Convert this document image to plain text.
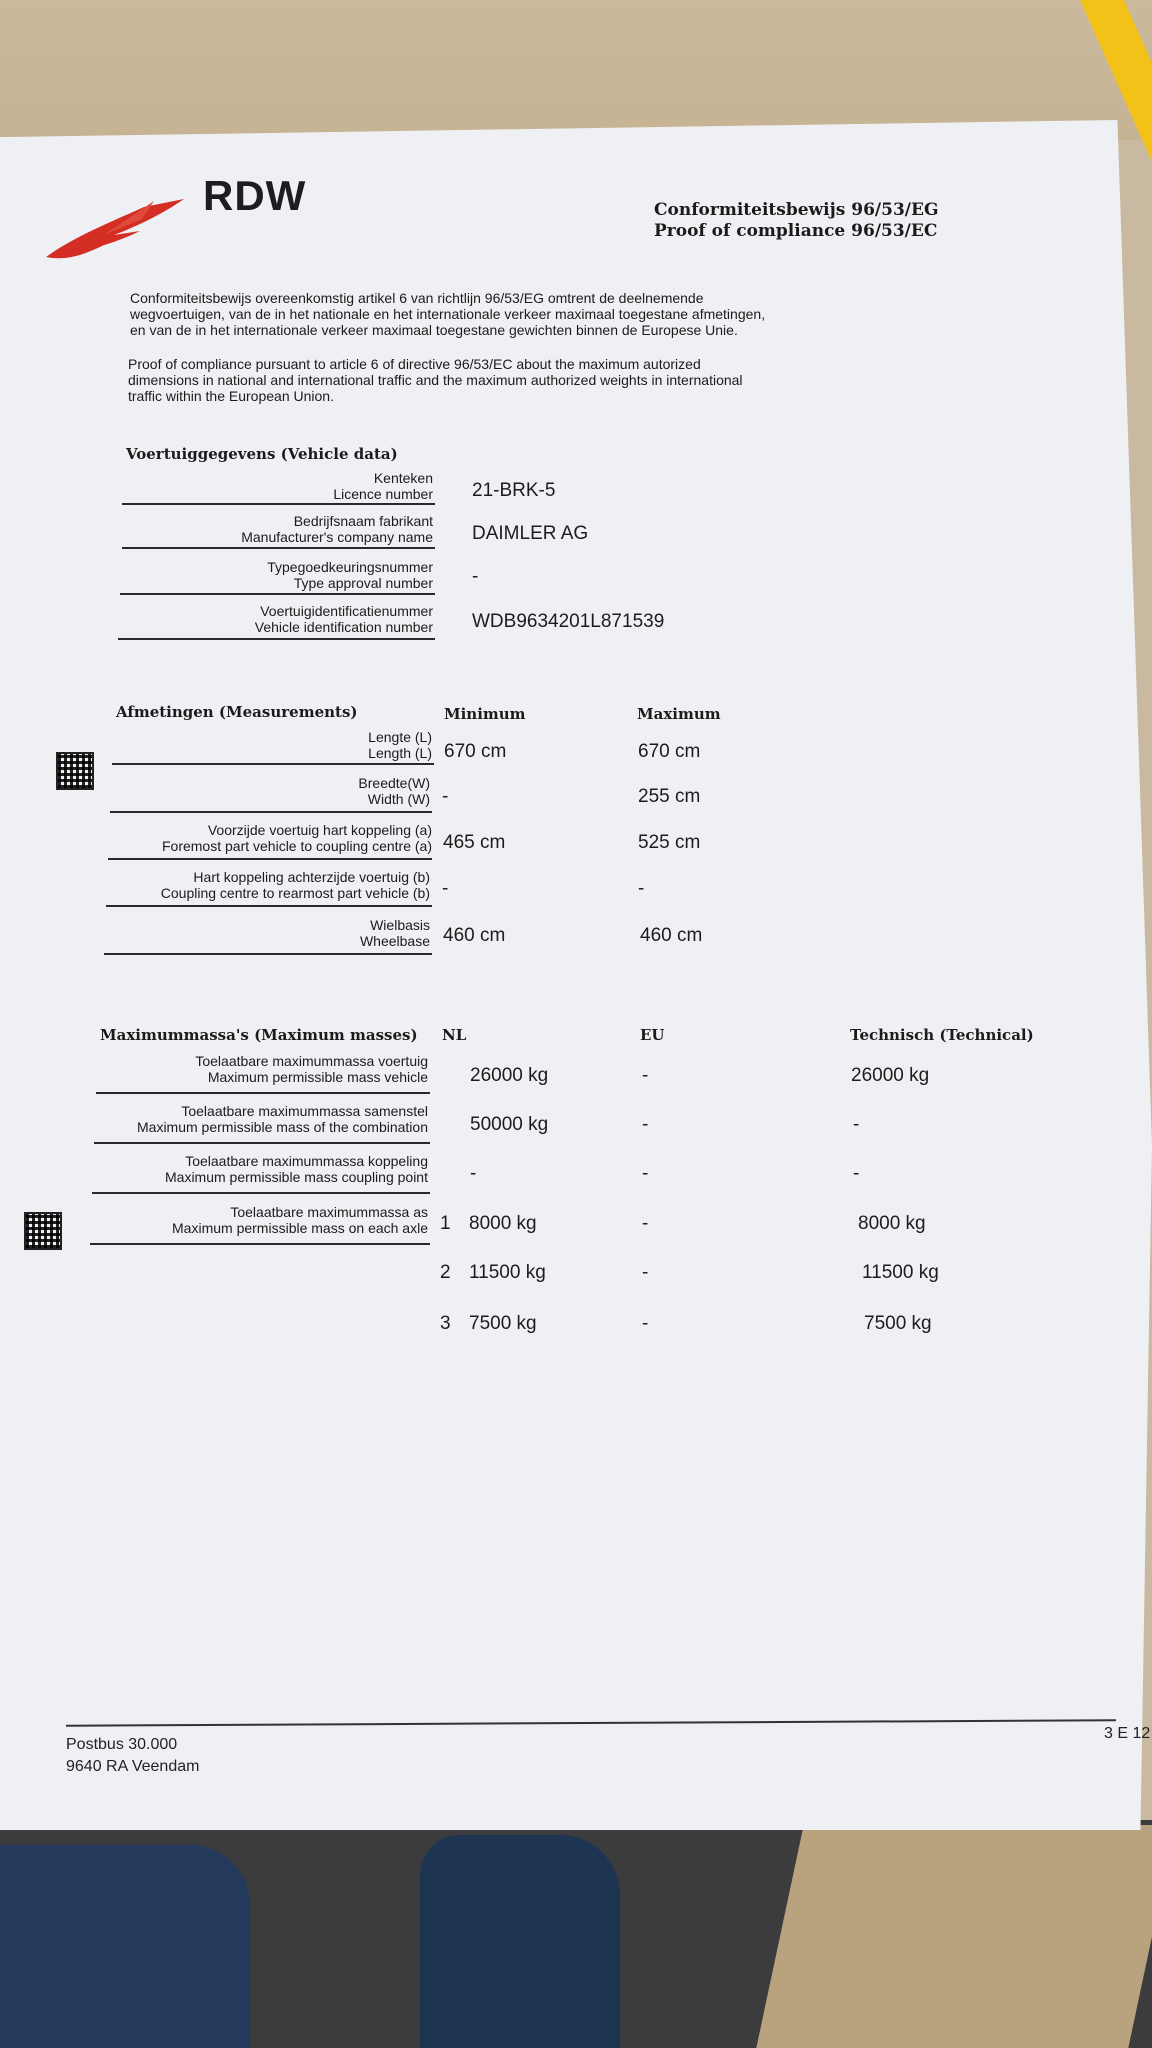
RDW	Conformiteitsbewijs 96/53/EG
Proof of compliance 96/53/EC
Conformiteitsbewijs overeenkomstig artikel 6 van richtlijn 96/53/EG omtrent de deelnemende
wegvoertuigen, van de in het nationale en het internationale verkeer maximaal toegestane afmetingen,
en van de in het internationale verkeer maximaal toegestane gewichten binnen de Europese Unie.
Proof of compliance pursuant to article 6 of directive 96/53/EC about the maximum autorized
dimensions in national and international traffic and the maximum authorized weights in international
traffic within the European Union.
Voertuiggegevens (Vehicle data)
Kenteken
Licence number 21-BRK-5
Bedrijfsnaam fabrikant
Manufacturer's company name DAIMLER AG
Typegoedkeuringsnummer
Type approval number -
Voertuigidentificatienummer
Vehicle identification number WDB9634201L871539
Afmetingen (Measurements)	Minimum	Maximum
Lengte (L)
Length (L) 670 cm	670 cm
Breedte(W)
Width (W) -	255 cm
Voorzijde voertuig hart koppeling (a)
Foremost part vehicle to coupling centre (a) 465 cm	525 cm
Hart koppeling achterzijde voertuig (b)
Coupling centre to rearmost part vehicle (b) -	-
Wielbasis
Wheelbase 460 cm	460 cm
Maximummassa's (Maximum masses) NL	EU	Technisch (Technical)
Toelaatbare maximummassa voertuig
Maximum permissible mass vehicle 26000 kg	-	26000 kg
Toelaatbare maximummassa samenstel
Maximum permissible mass of the combination 50000 kg	-	-
Toelaatbare maximummassa koppeling
Maximum permissible mass coupling point -	-	-
Toelaatbare maximummassa as
Maximum permissible mass on each axle 1 8000 kg	-	8000 kg
2 11500 kg	-	11500 kg
3 7500 kg	-	7500 kg
Postbus 30.000
9640 RA Veendam
3 E 12
